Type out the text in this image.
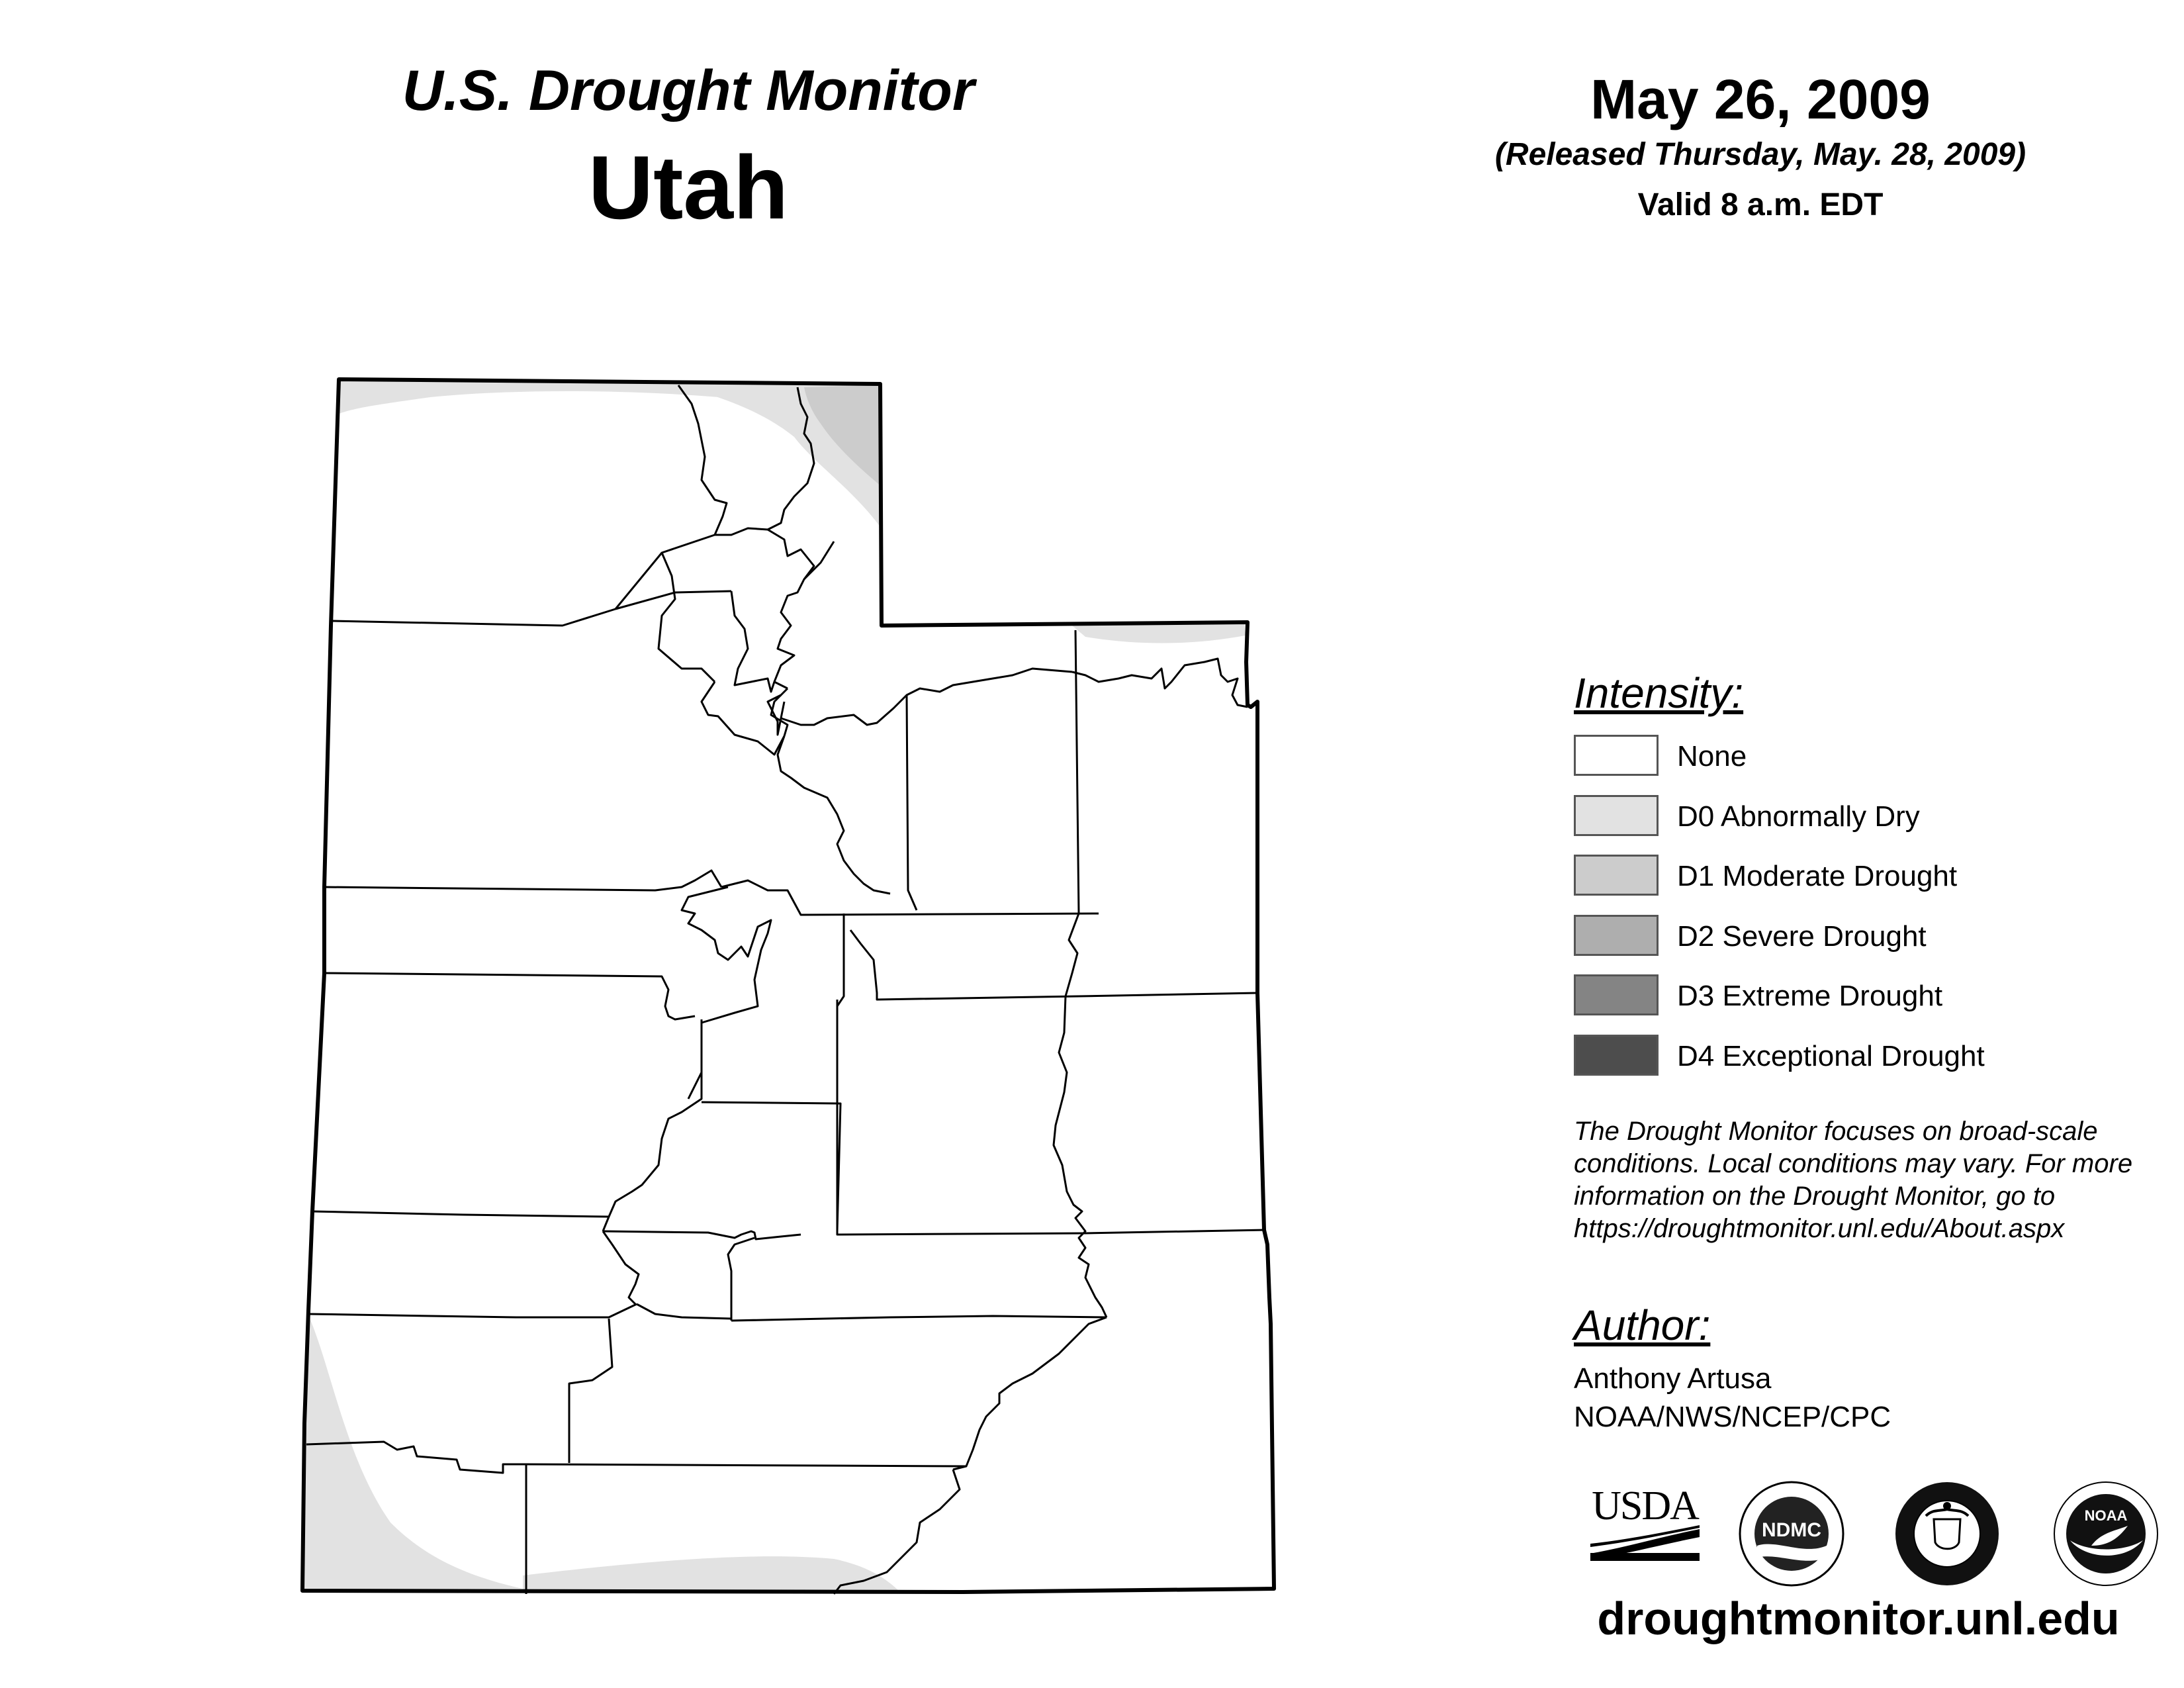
U.S. Drought Monitor
Utah
May 26, 2009
(Released Thursday, May. 28, 2009)
Valid 8 a.m. EDT
Intensity:
None
D0 Abnormally Dry
D1 Moderate Drought
D2 Severe Drought
D3 Extreme Drought
D4 Exceptional Drought
The Drought Monitor focuses on broad-scale
conditions. Local conditions may vary. For more
information on the Drought Monitor, go to
https://droughtmonitor.unl.edu/About.aspx
Author:
Anthony Artusa
NOAA/NWS/NCEP/CPC
USDA
NDMC
NOAA
droughtmonitor.unl.edu
